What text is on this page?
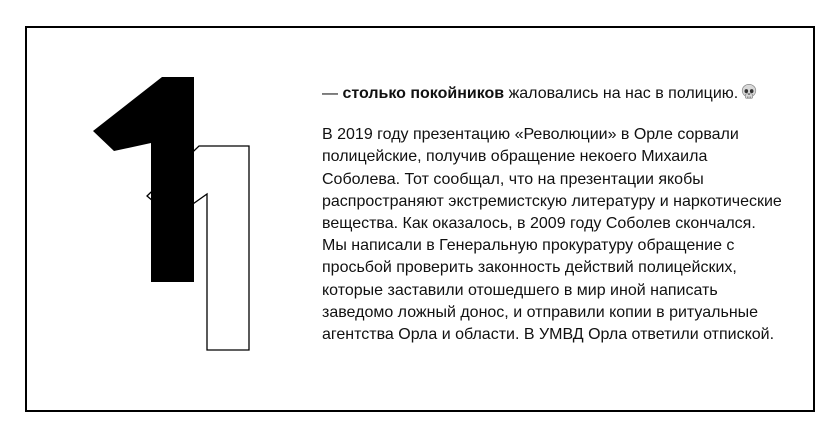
— столько покойников жаловались на нас в полицию.

В 2019 году презентацию «Революции» в Орле сорвали полицейские, получив обращение некоего Михаила Соболева. Тот сообщал, что на презентации якобы распространяют экстремистскую литературу и наркотические вещества. Как оказалось, в 2009 году Соболев скончался. Мы написали в Генеральную прокуратуру обращение с просьбой проверить законность действий полицейских, которые заставили отошедшего в мир иной написать заведомо ложный донос, и отправили копии в ритуальные агентства Орла и области. В УМВД Орла ответили отпиской.
